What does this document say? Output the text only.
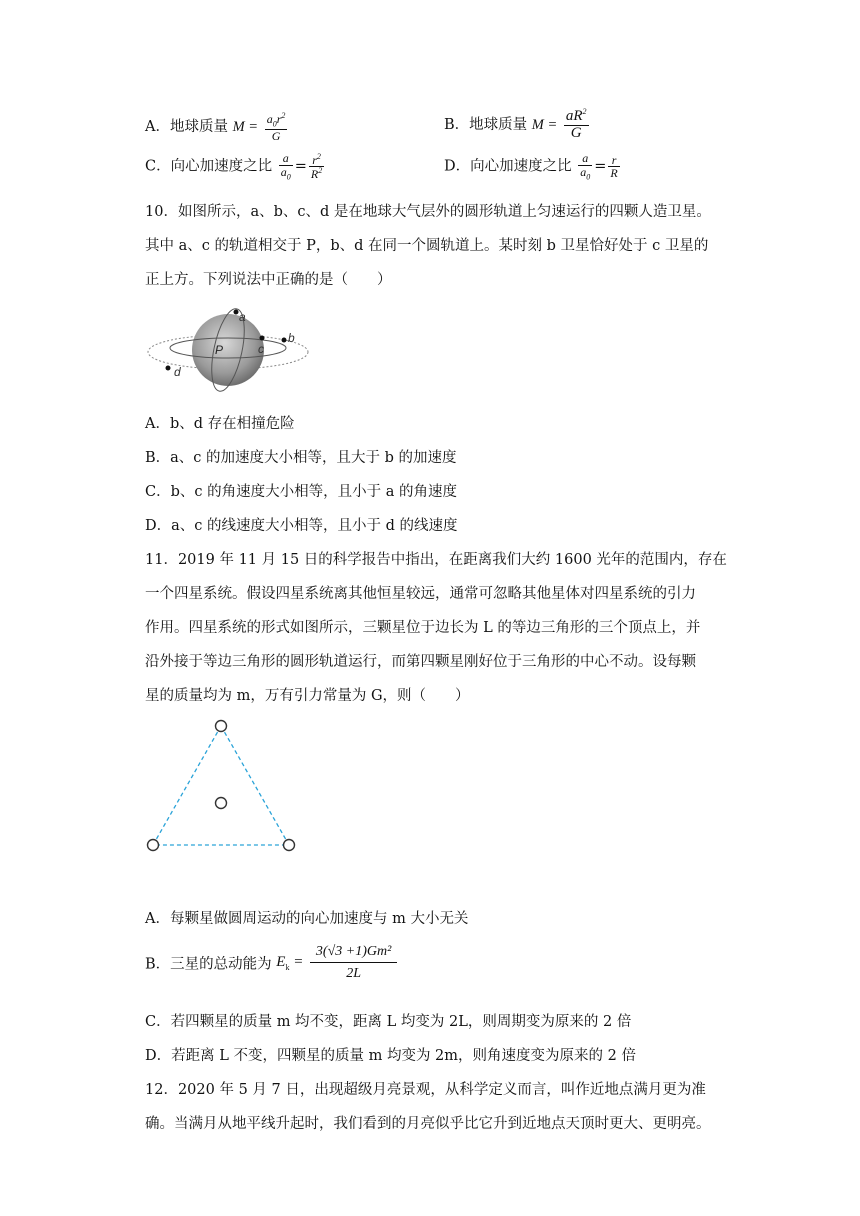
A．地球质量 $M = \frac{a_0r^2}{G}$	B．地球质量 $M = \frac{aR^2}{G}$
C．向心加速度之比 $\frac{a}{a_0} = \frac{r^2}{R^2}$	D．向心加速度之比 $\frac{a}{a_0} = \frac{r}{R}$
10．如图所示，a、b、c、d 是在地球大气层外的圆形轨道上匀速运行的四颗人造卫星。
其中 a、c 的轨道相交于 P，b、d 在同一个圆轨道上。某时刻 b 卫星恰好处于 c 卫星的
正上方。下列说法中正确的是（　　）
a
b
c
d
P
A．b、d 存在相撞危险
B．a、c 的加速度大小相等，且大于 b 的加速度
C．b、c 的角速度大小相等，且小于 a 的角速度
D．a、c 的线速度大小相等，且小于 d 的线速度
11．2019 年 11 月 15 日的科学报告中指出，在距离我们大约 1600 光年的范围内，存在
一个四星系统。假设四星系统离其他恒星较远，通常可忽略其他星体对四星系统的引力
作用。四星系统的形式如图所示，三颗星位于边长为 L 的等边三角形的三个顶点上，并
沿外接于等边三角形的圆形轨道运行，而第四颗星刚好位于三角形的中心不动。设每颗
星的质量均为 m，万有引力常量为 G，则（　　）
A．每颗星做圆周运动的向心加速度与 m 大小无关
B．三星的总动能为 $E_k = \frac{\text{3(√3 +1)Gm²}}{2L}$
C．若四颗星的质量 m 均不变，距离 L 均变为 2L，则周期变为原来的 2 倍
D．若距离 L 不变，四颗星的质量 m 均变为 2m，则角速度变为原来的 2 倍
12．2020 年 5 月 7 日，出现超级月亮景观，从科学定义而言，叫作近地点满月更为准
确。当满月从地平线升起时，我们看到的月亮似乎比它升到近地点天顶时更大、更明亮。
